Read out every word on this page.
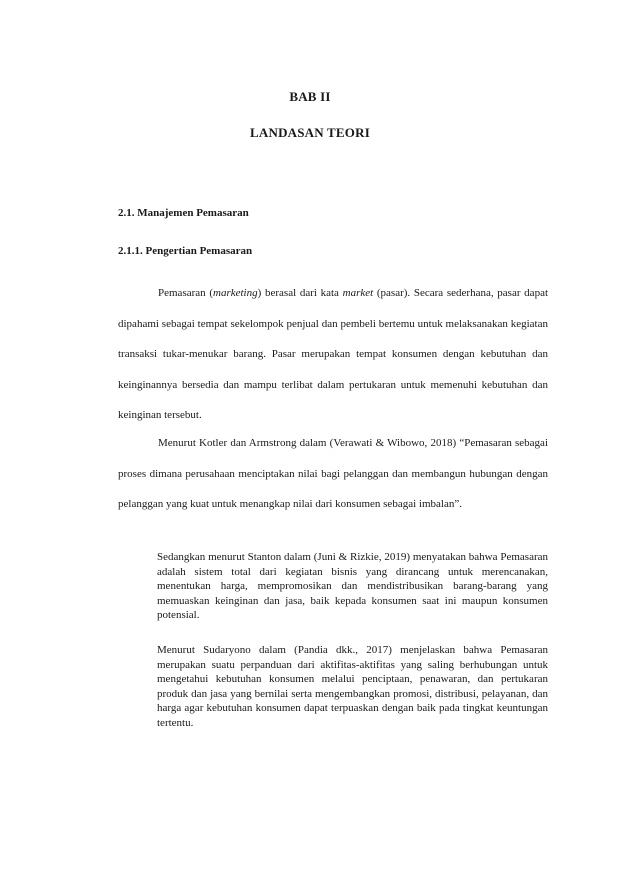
BAB II
LANDASAN TEORI
2.1. Manajemen Pemasaran
2.1.1. Pengertian Pemasaran

Pemasaran (marketing) berasal dari kata market (pasar). Secara sederhana, pasar dapat dipahami sebagai tempat sekelompok penjual dan pembeli bertemu untuk melaksanakan kegiatan transaksi tukar-menukar barang. Pasar merupakan tempat konsumen dengan kebutuhan dan keinginannya bersedia dan mampu terlibat dalam pertukaran untuk memenuhi kebutuhan dan keinginan tersebut.

Menurut Kotler dan Armstrong dalam (Verawati & Wibowo, 2018) “Pemasaran sebagai proses dimana perusahaan menciptakan nilai bagi pelanggan dan membangun hubungan dengan pelanggan yang kuat untuk menangkap nilai dari konsumen sebagai imbalan”.

Sedangkan menurut Stanton dalam (Juni & Rizkie, 2019) menyatakan bahwa Pemasaran adalah sistem total dari kegiatan bisnis yang dirancang untuk merencanakan, menentukan harga, mempromosikan dan mendistribusikan barang-barang yang memuaskan keinginan dan jasa, baik kepada konsumen saat ini maupun konsumen potensial.

Menurut Sudaryono dalam (Pandia dkk., 2017) menjelaskan bahwa Pemasaran merupakan suatu perpanduan dari aktifitas-aktifitas yang saling berhubungan untuk mengetahui kebutuhan konsumen melalui penciptaan, penawaran, dan pertukaran produk dan jasa yang bernilai serta mengembangkan promosi, distribusi, pelayanan, dan harga agar kebutuhan konsumen dapat terpuaskan dengan baik pada tingkat keuntungan tertentu.
